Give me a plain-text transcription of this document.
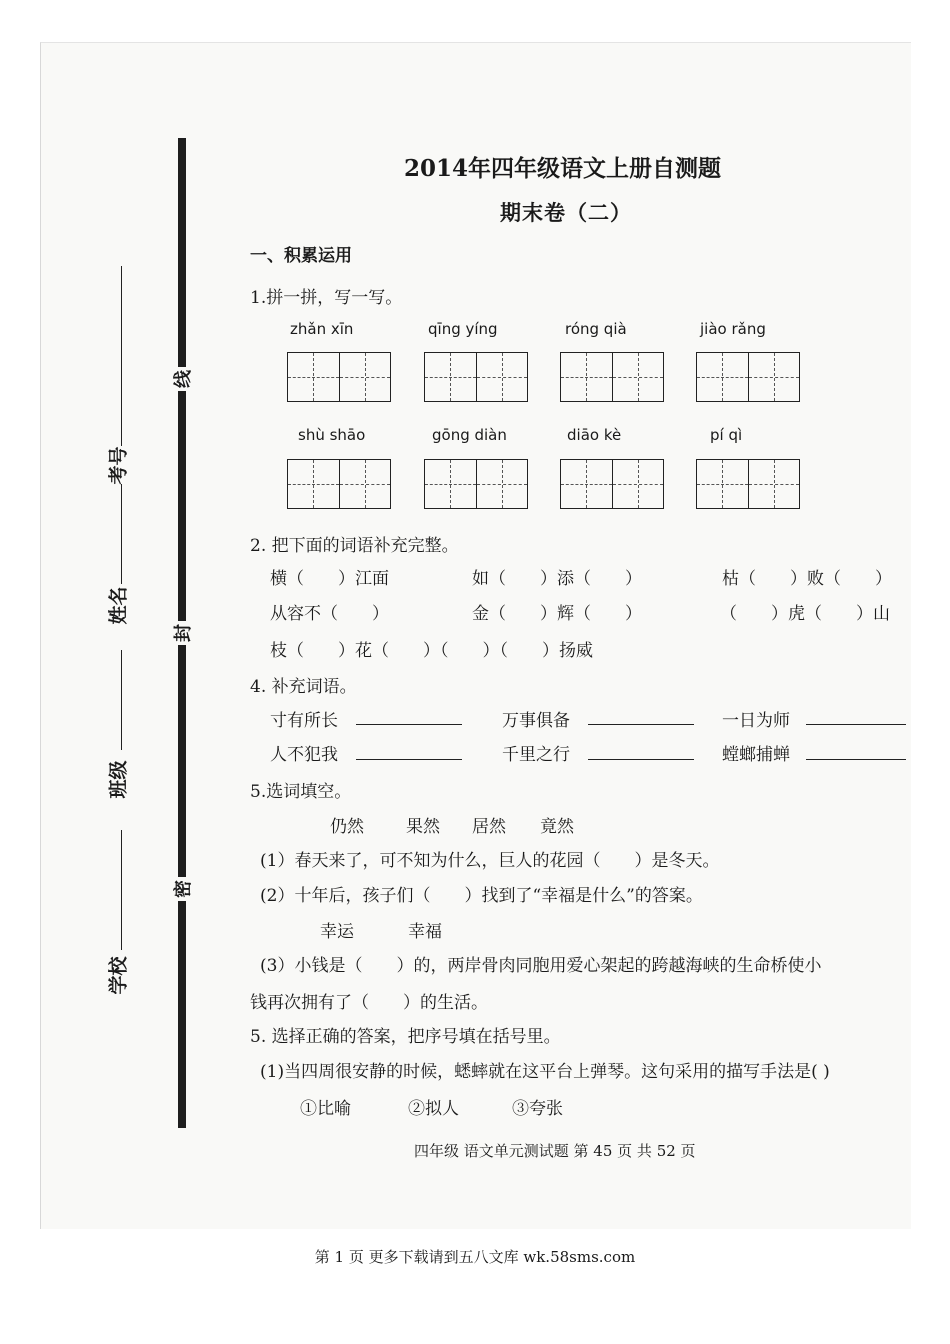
学校
班级
姓名
考号
线
封
密
2014年四年级语文上册自测题
期末卷（二）
一、积累运用
1.拼一拼，写一写。
zhǎn xīn	qīng yíng	róng qià	jiào rǎng
shù shāo	gōng diàn	diāo kè	pí qì
2. 把下面的词语补充完整。
横（　　）江面	如（　　）添（　　）	枯（　　）败（　　）
从容不（　　）	金（　　）辉（　　）	（　　）虎（　　）山
枝（　　）花（　　）（　　）（　　）扬威
4. 补充词语。
寸有所长	万事俱备	一日为师
人不犯我	千里之行	螳螂捕蝉
5.选词填空。
仍然 果然 居然 竟然
(1）春天来了，可不知为什么，巨人的花园（　　）是冬天。
(2）十年后，孩子们（　　）找到了“幸福是什么”的答案。
幸运	幸福
(3）小钱是（　　）的，两岸骨肉同胞用爱心架起的跨越海峡的生命桥使小
钱再次拥有了（　　）的生活。
5. 选择正确的答案，把序号填在括号里。
(1)当四周很安静的时候，蟋蟀就在这平台上弹琴。这句采用的描写手法是( )
①比喻	②拟人	③夸张
四年级 语文单元测试题 第 45 页 共 52 页
第 1 页 更多下载请到五八文库 wk.58sms.com
